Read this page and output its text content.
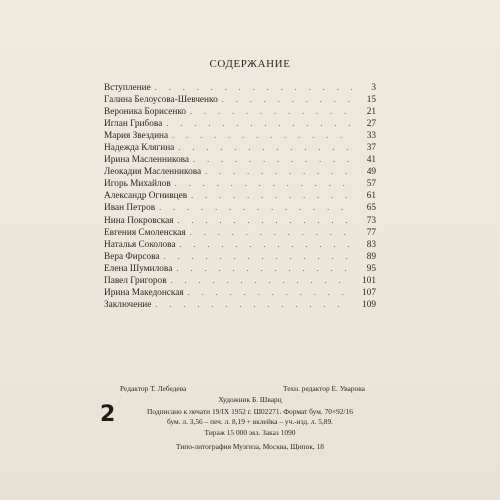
СОДЕРЖАНИЕ
Вступление . . .	3
Галина Белоусова-Шевченко . . .	15
Вероника Борисенко . . .	21
Иглан Грибова . . .	27
Мария Звездина . . .	33
Надежда Клягина . . .	37
Ирина Масленникова . . .	41
Леокадия Масленникова . . .	49
Игорь Михайлов . . .	57
Александр Огнивцев . . .	61
Иван Петров . . .	65
Нина Покровская . . .	73
Евгения Смоленская . . .	77
Наталья Соколова . . .	83
Вера Фирсова . . .	89
Елена Шумилова . . .	95
Павел Григоров . . .	101
Ирина Македонская . . .	107
Заключение . . .	109
Редактор Т. Лебедева	Техн. редактор Е. Уварова
Художник Б. Шварц
Подписано к печати 19/IX 1952 г. Ш02271. Формат бум. 70×92/16
бум. л. 3,56 – печ. л. 8,19 + вклейка – уч.-изд. л. 5,89.
Тираж 15 000 экз. Заказ 1090
Типо-литография Музгиза, Москва, Щипок, 18
2
